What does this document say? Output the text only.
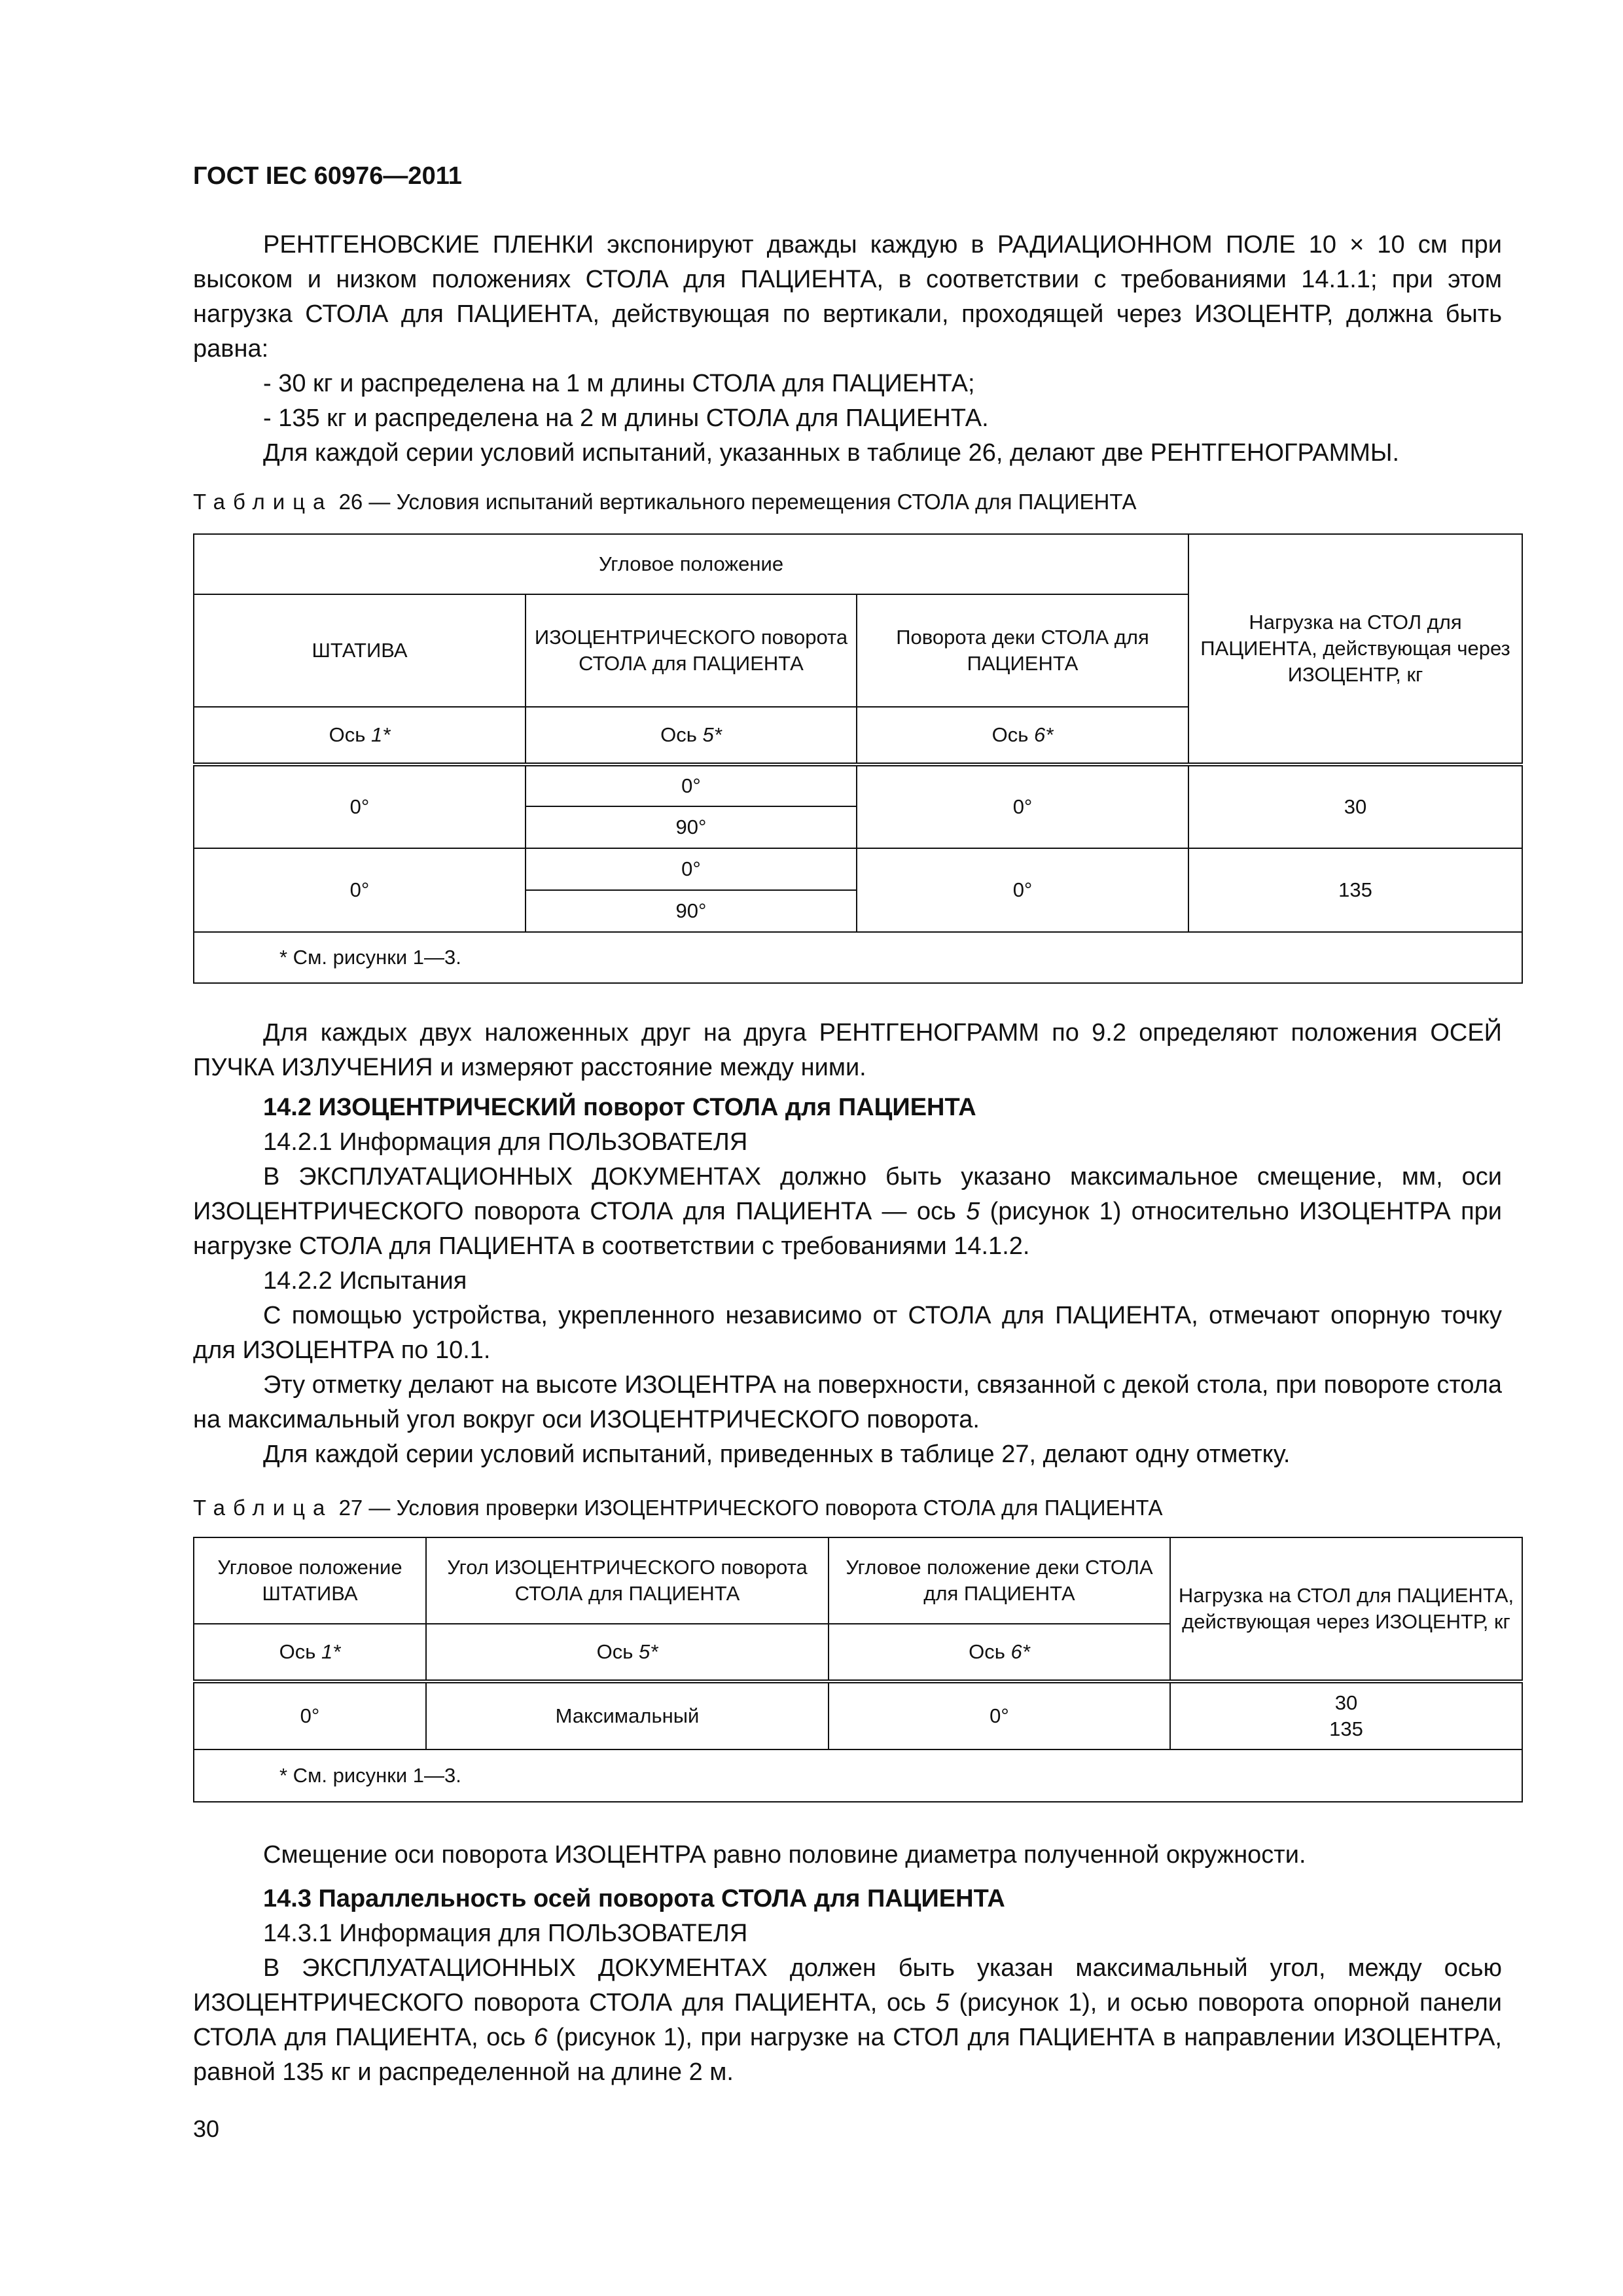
ГОСТ IEC 60976—2011

РЕНТГЕНОВСКИЕ ПЛЕНКИ экспонируют дважды каждую в РАДИАЦИОННОМ ПОЛЕ 10 × 10 см при высоком и низком положениях СТОЛА для ПАЦИЕНТА, в соответствии с требованиями 14.1.1; при этом нагрузка СТОЛА для ПАЦИЕНТА, действующая по вертикали, проходящей через ИЗОЦЕНТР, должна быть равна:

- 30 кг и распределена на 1 м длины СТОЛА для ПАЦИЕНТА;

- 135 кг и распределена на 2 м длины СТОЛА для ПАЦИЕНТА.

Для каждой серии условий испытаний, указанных в таблице 26, делают две РЕНТГЕНОГРАММЫ.

Таблица 26 — Условия испытаний вертикального перемещения СТОЛА для ПАЦИЕНТА
Угловое положение			Нагрузка на СТОЛ для ПАЦИЕНТА, действующая через ИЗОЦЕНТР, кг
ШТАТИВА	ИЗОЦЕНТРИЧЕСКОГО поворота СТОЛА для ПАЦИЕНТА	Поворота деки СТОЛА для ПАЦИЕНТА	
Ось 1*	Ось 5*	Ось 6*	
0°	0°	0°	30
	90°		
0°	0°	0°	135
	90°		
* См. рисунки 1—3.			

Для каждых двух наложенных друг на друга РЕНТГЕНОГРАММ по 9.2 определяют положения ОСЕЙ ПУЧКА ИЗЛУЧЕНИЯ и измеряют расстояние между ними.

14.2 ИЗОЦЕНТРИЧЕСКИЙ поворот СТОЛА для ПАЦИЕНТА

14.2.1 Информация для ПОЛЬЗОВАТЕЛЯ

В ЭКСПЛУАТАЦИОННЫХ ДОКУМЕНТАХ должно быть указано максимальное смещение, мм, оси ИЗОЦЕНТРИЧЕСКОГО поворота СТОЛА для ПАЦИЕНТА — ось 5 (рисунок 1) относительно ИЗОЦЕНТРА при нагрузке СТОЛА для ПАЦИЕНТА в соответствии с требованиями 14.1.2.

14.2.2 Испытания

С помощью устройства, укрепленного независимо от СТОЛА для ПАЦИЕНТА, отмечают опорную точку для ИЗОЦЕНТРА по 10.1.

Эту отметку делают на высоте ИЗОЦЕНТРА на поверхности, связанной с декой стола, при повороте стола на максимальный угол вокруг оси ИЗОЦЕНТРИЧЕСКОГО поворота.

Для каждой серии условий испытаний, приведенных в таблице 27, делают одну отметку.

Таблица 27 — Условия проверки ИЗОЦЕНТРИЧЕСКОГО поворота СТОЛА для ПАЦИЕНТА
Угловое положение ШТАТИВА	Угол ИЗОЦЕНТРИЧЕСКОГО поворота СТОЛА для ПАЦИЕНТА	Угловое положение деки СТОЛА для ПАЦИЕНТА	Нагрузка на СТОЛ для ПАЦИЕНТА, действующая через ИЗОЦЕНТР, кг
Ось 1*	Ось 5*	Ось 6*	
0°	Максимальный	0°	30
135

* См. рисунки 1—3.			

Смещение оси поворота ИЗОЦЕНТРА равно половине диаметра полученной окружности.

14.3 Параллельность осей поворота СТОЛА для ПАЦИЕНТА

14.3.1 Информация для ПОЛЬЗОВАТЕЛЯ

В ЭКСПЛУАТАЦИОННЫХ ДОКУМЕНТАХ должен быть указан максимальный угол, между осью ИЗОЦЕНТРИЧЕСКОГО поворота СТОЛА для ПАЦИЕНТА, ось 5 (рисунок 1), и осью поворота опорной панели СТОЛА для ПАЦИЕНТА, ось 6 (рисунок 1), при нагрузке на СТОЛ для ПАЦИЕНТА в направлении ИЗОЦЕНТРА, равной 135 кг и распределенной на длине 2 м.

30
